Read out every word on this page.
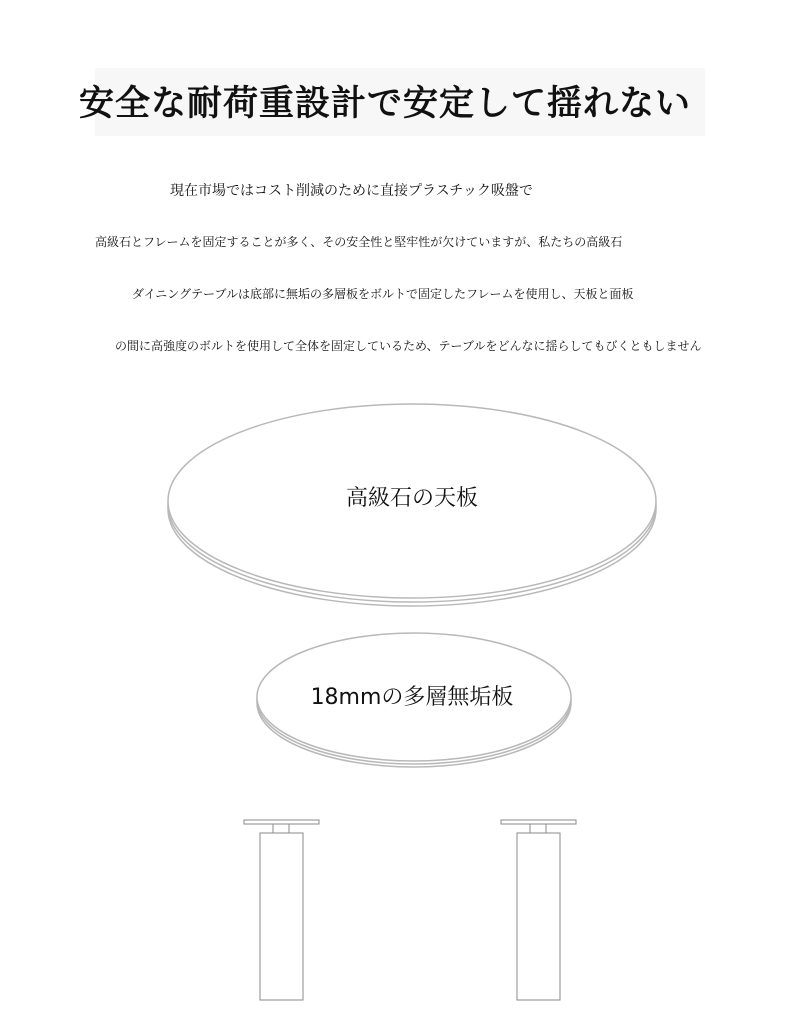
安全な耐荷重設計で安定して揺れない

現在市場ではコスト削減のために直接プラスチック吸盤で

高級石とフレームを固定することが多く、その安全性と堅牢性が欠けていますが、私たちの高級石

ダイニングテーブルは底部に無垢の多層板をボルトで固定したフレームを使用し、天板と面板

の間に高強度のボルトを使用して全体を固定しているため、テーブルをどんなに揺らしてもびくともしません

高級石の天板
18mmの多層無垢板
